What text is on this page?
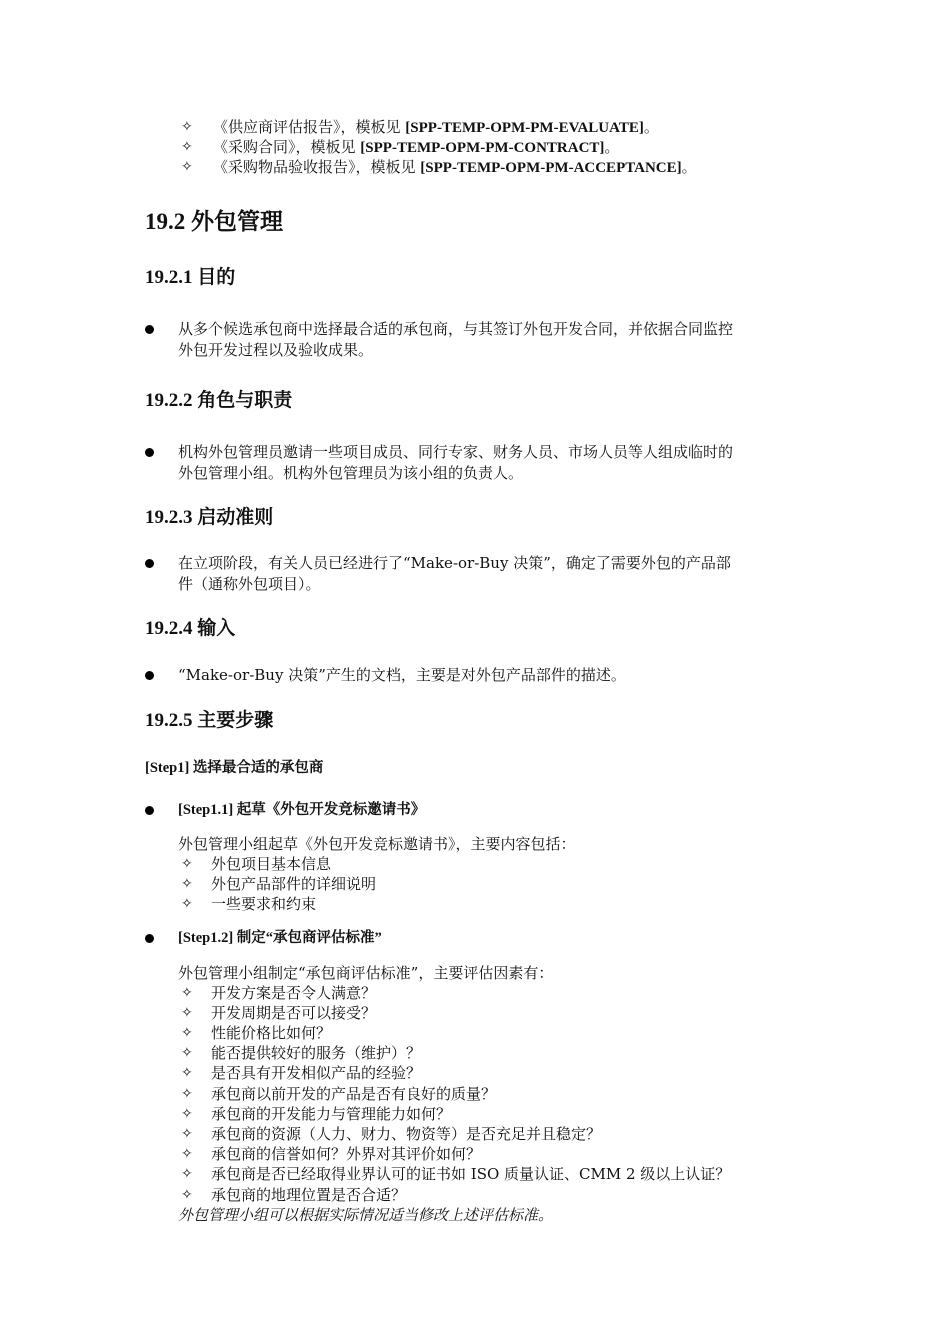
✧ 《供应商评估报告》，模板见 [SPP-TEMP-OPM-PM-EVALUATE]。
✧ 《采购合同》，模板见 [SPP-TEMP-OPM-PM-CONTRACT]。
✧ 《采购物品验收报告》，模板见 [SPP-TEMP-OPM-PM-ACCEPTANCE]。
19.2 外包管理
19.2.1 目的
从多个候选承包商中选择最合适的承包商，与其签订外包开发合同，并依据合同监控
外包开发过程以及验收成果。
19.2.2 角色与职责
机构外包管理员邀请一些项目成员、同行专家、财务人员、市场人员等人组成临时的
外包管理小组。机构外包管理员为该小组的负责人。
19.2.3 启动准则
在立项阶段，有关人员已经进行了“Make-or-Buy 决策”，确定了需要外包的产品部
件（通称外包项目）。
19.2.4 输入
“Make-or-Buy 决策”产生的文档，主要是对外包产品部件的描述。
19.2.5 主要步骤
[Step1] 选择最合适的承包商
[Step1.1] 起草《外包开发竞标邀请书》
外包管理小组起草《外包开发竞标邀请书》，主要内容包括：
✧ 外包项目基本信息
✧ 外包产品部件的详细说明
✧ 一些要求和约束
[Step1.2] 制定“承包商评估标准”
外包管理小组制定“承包商评估标准”，主要评估因素有：
✧ 开发方案是否令人满意？
✧ 开发周期是否可以接受？
✧ 性能价格比如何？
✧ 能否提供较好的服务（维护）？
✧ 是否具有开发相似产品的经验？
✧ 承包商以前开发的产品是否有良好的质量？
✧ 承包商的开发能力与管理能力如何？
✧ 承包商的资源（人力、财力、物资等）是否充足并且稳定？
✧ 承包商的信誉如何？外界对其评价如何？
✧ 承包商是否已经取得业界认可的证书如 ISO 质量认证、CMM 2 级以上认证？
✧ 承包商的地理位置是否合适？
外包管理小组可以根据实际情况适当修改上述评估标准。
